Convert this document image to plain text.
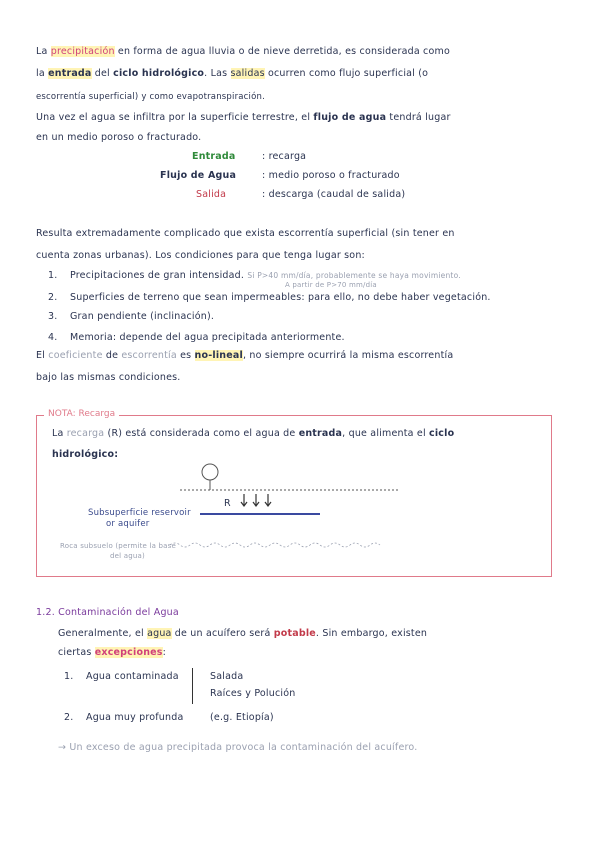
La precipitación en forma de agua lluvia o de nieve derretida, es considerada como
la entrada del ciclo hidrológico. Las salidas ocurren como flujo superficial (o
escorrentía superficial) y como evapotranspiración.
Una vez el agua se infiltra por la superficie terrestre, el flujo de agua tendrá lugar
en un medio poroso o fracturado.
Entrada	: recarga
Flujo de Agua	: medio poroso o fracturado
Salida	: descarga (caudal de salida)
Resulta extremadamente complicado que exista escorrentía superficial (sin tener en
cuenta zonas urbanas). Los condiciones para que tenga lugar son:
1. Precipitaciones de gran intensidad. Si P>40 mm/día, probablemente se haya movimiento.
A partir de P>70 mm/día
2. Superficies de terreno que sean impermeables: para ello, no debe haber vegetación.
3. Gran pendiente (inclinación).
4. Memoria: depende del agua precipitada anteriormente.
El coeficiente de escorrentía es no-lineal, no siempre ocurrirá la misma escorrentía
bajo las mismas condiciones.
NOTA: Recarga
La recarga (R) está considerada como el agua de entrada, que alimenta el ciclo
hidrológico:
R
Subsuperficie reservoir
or aquifer
Roca subsuelo (permite la base
del agua)
1.2. Contaminación del Agua
Generalmente, el agua de un acuífero será potable. Sin embargo, existen
ciertas excepciones:
1. Agua contaminada	Salada
Raíces y Polución
2. Agua muy profunda	(e.g. Etiopía)
→ Un exceso de agua precipitada provoca la contaminación del acuífero.
